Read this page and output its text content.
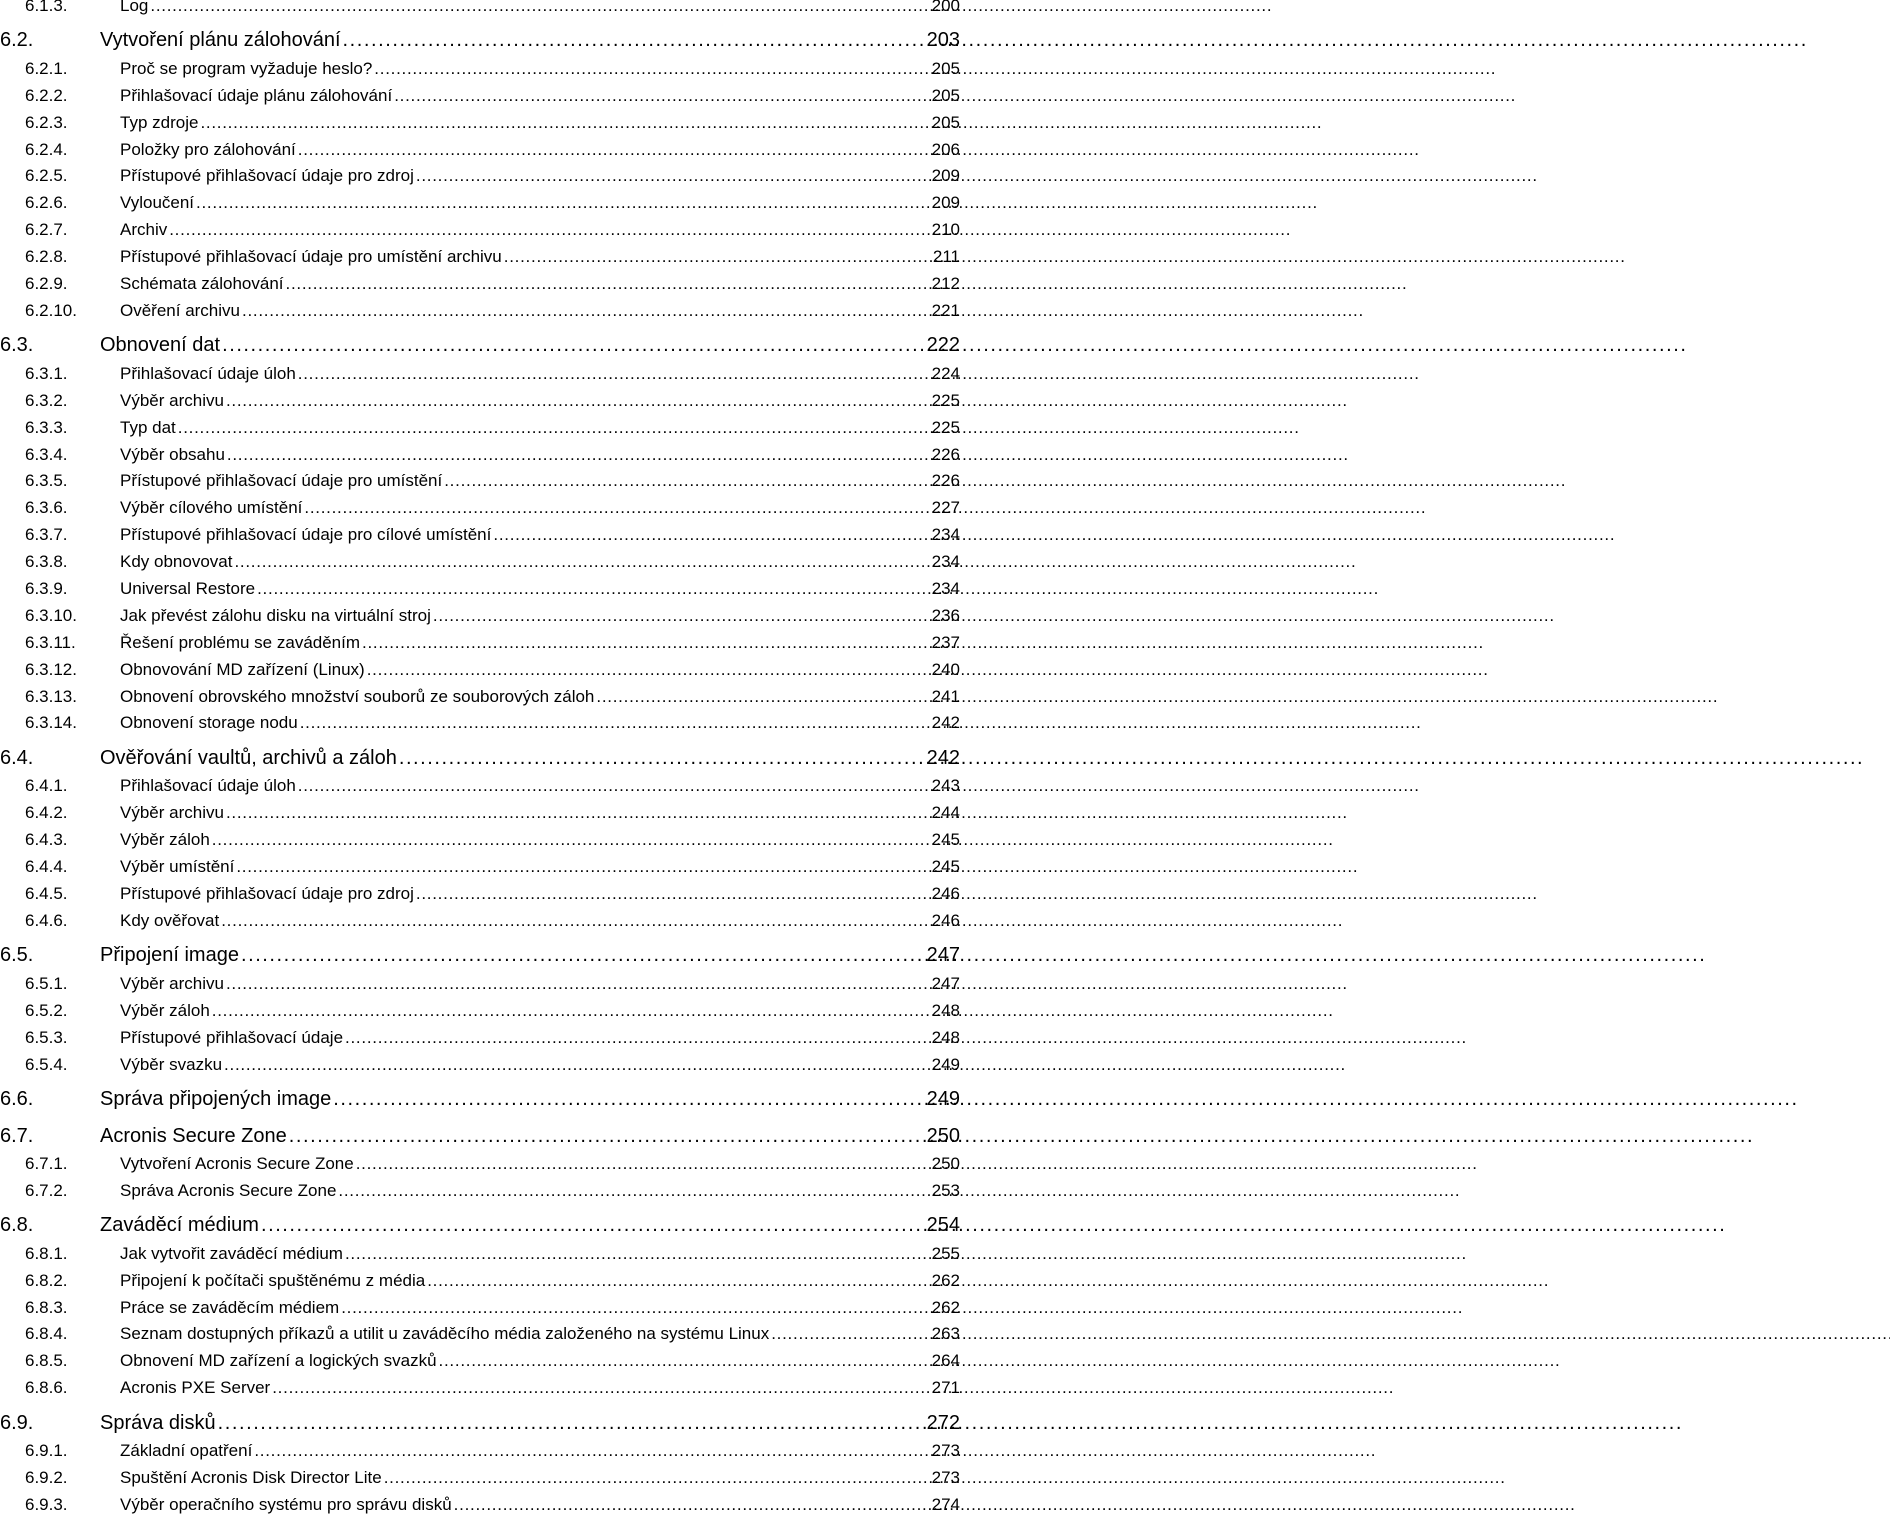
6.1.3.	Log . . .	200
6.2.	Vytvoření plánu zálohování . . .	203
6.2.1.	Proč se program vyžaduje heslo? . . .	205
6.2.2.	Přihlašovací údaje plánu zálohování . . .	205
6.2.3.	Typ zdroje . . .	205
6.2.4.	Položky pro zálohování . . .	206
6.2.5.	Přístupové přihlašovací údaje pro zdroj . . .	209
6.2.6.	Vyloučení . . .	209
6.2.7.	Archiv . . .	210
6.2.8.	Přístupové přihlašovací údaje pro umístění archivu . . .	211
6.2.9.	Schémata zálohování . . .	212
6.2.10.	Ověření archivu . . .	221
6.3.	Obnovení dat . . .	222
6.3.1.	Přihlašovací údaje úloh . . .	224
6.3.2.	Výběr archivu . . .	225
6.3.3.	Typ dat . . .	225
6.3.4.	Výběr obsahu . . .	226
6.3.5.	Přístupové přihlašovací údaje pro umístění . . .	226
6.3.6.	Výběr cílového umístění . . .	227
6.3.7.	Přístupové přihlašovací údaje pro cílové umístění . . .	234
6.3.8.	Kdy obnovovat . . .	234
6.3.9.	Universal Restore . . .	234
6.3.10.	Jak převést zálohu disku na virtuální stroj . . .	236
6.3.11.	Řešení problému se zaváděním . . .	237
6.3.12.	Obnovování MD zařízení (Linux) . . .	240
6.3.13.	Obnovení obrovského množství souborů ze souborových záloh . . .	241
6.3.14.	Obnovení storage nodu . . .	242
6.4.	Ověřování vaultů, archivů a záloh . . .	242
6.4.1.	Přihlašovací údaje úloh . . .	243
6.4.2.	Výběr archivu . . .	244
6.4.3.	Výběr záloh . . .	245
6.4.4.	Výběr umístění . . .	245
6.4.5.	Přístupové přihlašovací údaje pro zdroj . . .	246
6.4.6.	Kdy ověřovat . . .	246
6.5.	Připojení image . . .	247
6.5.1.	Výběr archivu . . .	247
6.5.2.	Výběr záloh . . .	248
6.5.3.	Přístupové přihlašovací údaje . . .	248
6.5.4.	Výběr svazku . . .	249
6.6.	Správa připojených image . . .	249
6.7.	Acronis Secure Zone . . .	250
6.7.1.	Vytvoření Acronis Secure Zone . . .	250
6.7.2.	Správa Acronis Secure Zone . . .	253
6.8.	Zaváděcí médium . . .	254
6.8.1.	Jak vytvořit zaváděcí médium . . .	255
6.8.2.	Připojení k počítači spuštěnému z média . . .	262
6.8.3.	Práce se zaváděcím médiem . . .	262
6.8.4.	Seznam dostupných příkazů a utilit u zaváděcího média založeného na systému Linux . . .	263
6.8.5.	Obnovení MD zařízení a logických svazků . . .	264
6.8.6.	Acronis PXE Server . . .	271
6.9.	Správa disků . . .	272
6.9.1.	Základní opatření . . .	273
6.9.2.	Spuštění Acronis Disk Director Lite . . .	273
6.9.3.	Výběr operačního systému pro správu disků . . .	274
